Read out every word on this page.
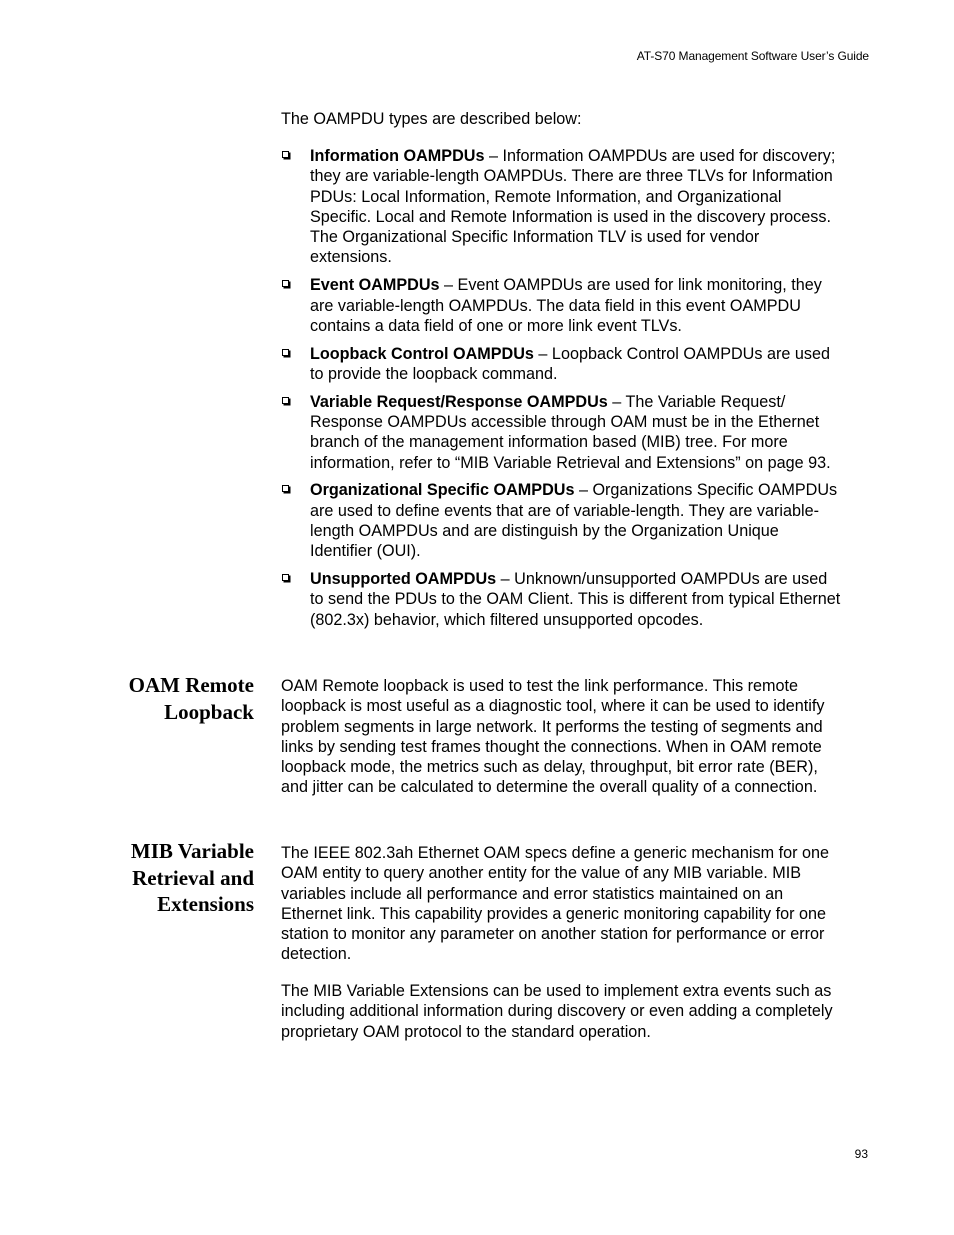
AT-S70 Management Software User’s Guide

The OAMPDU types are described below:

Information OAMPDUs – Information OAMPDUs are used for discovery; they are variable-length OAMPDUs. There are three TLVs for Information PDUs: Local Information, Remote Information, and Organizational Specific. Local and Remote Information is used in the discovery process. The Organizational Specific Information TLV is used for vendor extensions.
Event OAMPDUs – Event OAMPDUs are used for link monitoring, they are variable-length OAMPDUs. The data field in this event OAMPDU contains a data field of one or more link event TLVs.
Loopback Control OAMPDUs – Loopback Control OAMPDUs are used to provide the loopback command.
Variable Request/Response OAMPDUs – The Variable Request/ Response OAMPDUs accessible through OAM must be in the Ethernet branch of the management information based (MIB) tree. For more information, refer to “MIB Variable Retrieval and Extensions” on page 93.
Organizational Specific OAMPDUs – Organizations Specific OAMPDUs are used to define events that are of variable-length. They are variable-length OAMPDUs and are distinguish by the Organization Unique Identifier (OUI).
Unsupported OAMPDUs – Unknown/unsupported OAMPDUs are used to send the PDUs to the OAM Client. This is different from typical Ethernet (802.3x) behavior, which filtered unsupported opcodes.
OAM Remote
Loopback

OAM Remote loopback is used to test the link performance. This remote loopback is most useful as a diagnostic tool, where it can be used to identify problem segments in large network. It performs the testing of segments and links by sending test frames thought the connections. When in OAM remote loopback mode, the metrics such as delay, throughput, bit error rate (BER), and jitter can be calculated to determine the overall quality of a connection.

MIB Variable
Retrieval and
Extensions

The IEEE 802.3ah Ethernet OAM specs define a generic mechanism for one OAM entity to query another entity for the value of any MIB variable. MIB variables include all performance and error statistics maintained on an Ethernet link. This capability provides a generic monitoring capability for one station to monitor any parameter on another station for performance or error detection.

The MIB Variable Extensions can be used to implement extra events such as including additional information during discovery or even adding a completely proprietary OAM protocol to the standard operation.

93
